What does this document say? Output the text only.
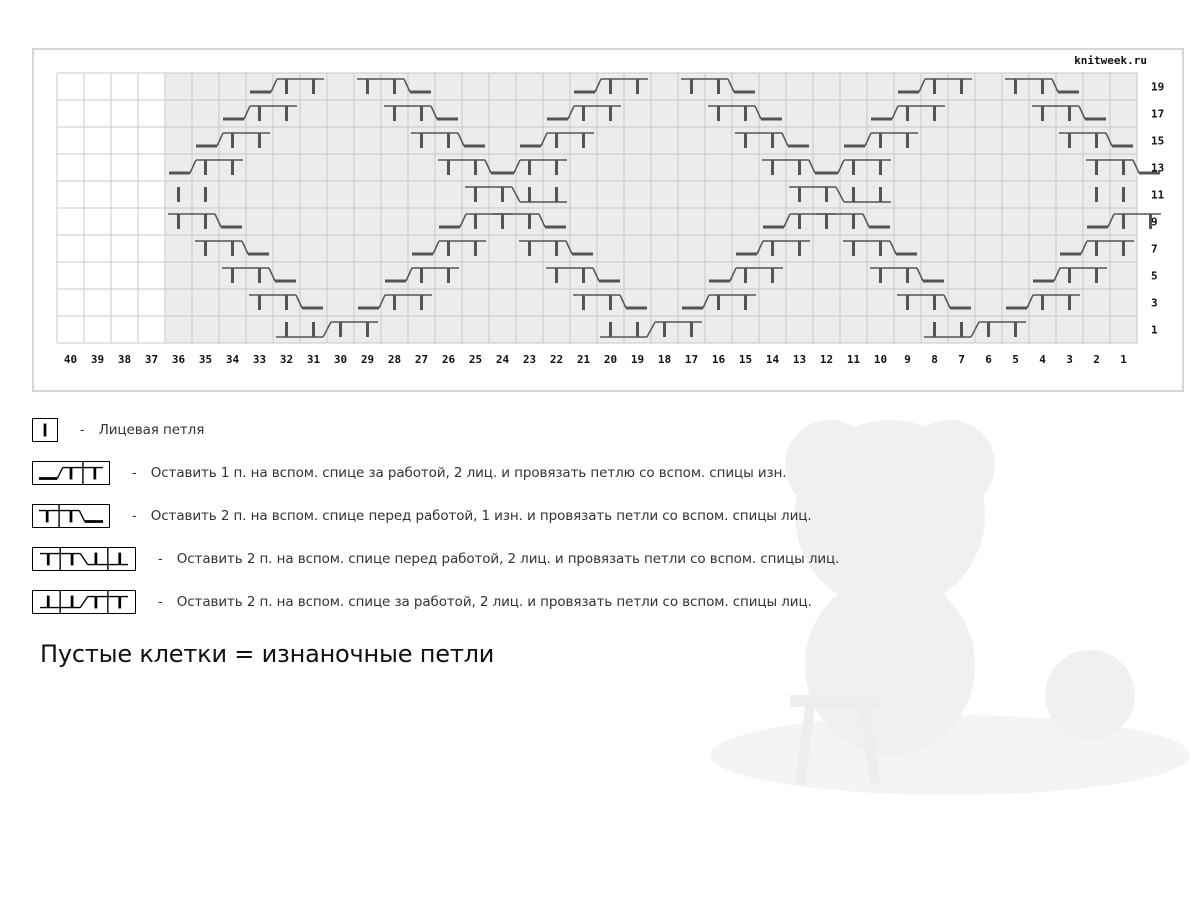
knitweek.ru
40 39 38 37 36 35 34 33 32 31 30 29 28 27 26 25 24 23 22 21 20 19 18 17 16 15 14 13 12 11 10 9 8 7 6 5 4 3 2 1
19
17
15
13
11
9
7
5
3
1
- Лицевая петля
- Оставить 1 п. на вспом. спице за работой, 2 лиц. и провязать петлю со вспом. спицы изн.
- Оставить 2 п. на вспом. спице перед работой, 1 изн. и провязать петли со вспом. спицы лиц.
- Оставить 2 п. на вспом. спице перед работой, 2 лиц. и провязать петли со вспом. спицы лиц.
- Оставить 2 п. на вспом. спице за работой, 2 лиц. и провязать петли со вспом. спицы лиц.
Пустые клетки = изнаночные петли
